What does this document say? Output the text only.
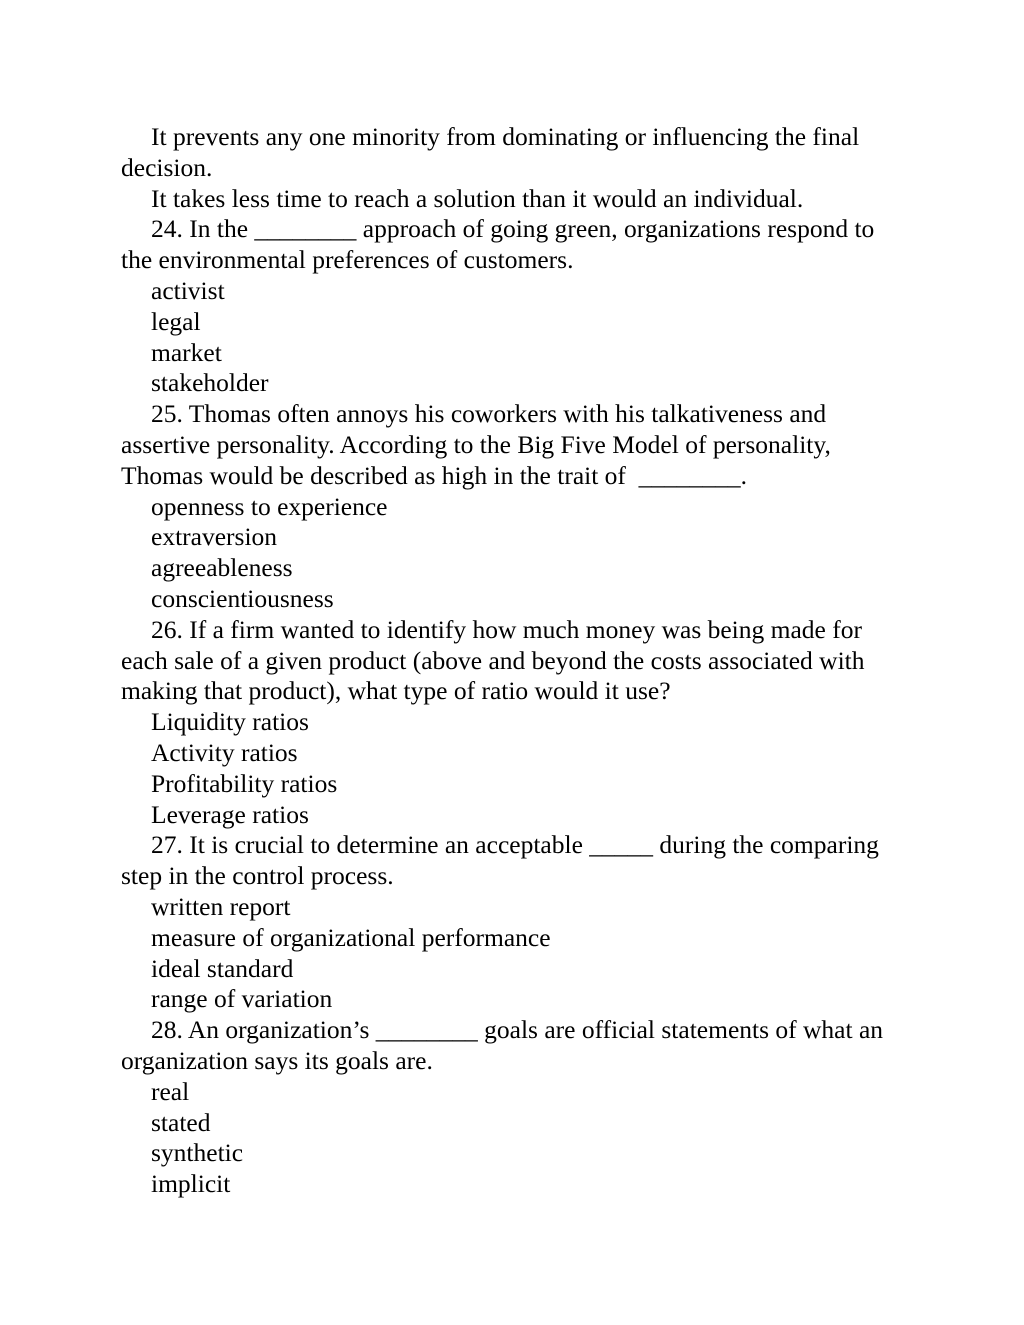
It prevents any one minority from dominating or influencing the final decision.

It takes less time to reach a solution than it would an individual.

24. In the ________ approach of going green, organizations respond to the environmental preferences of customers.

activist

legal

market

stakeholder

25. Thomas often annoys his coworkers with his talkativeness and assertive personality. According to the Big Five Model of personality, Thomas would be described as high in the trait of  ________.

openness to experience

extraversion

agreeableness

conscientiousness

26. If a firm wanted to identify how much money was being made for each sale of a given product (above and beyond the costs associated with making that product), what type of ratio would it use?

Liquidity ratios

Activity ratios

Profitability ratios

Leverage ratios

27. It is crucial to determine an acceptable _____ during the comparing step in the control process.

written report

measure of organizational performance

ideal standard

range of variation

28. An organization’s ________ goals are official statements of what an organization says its goals are.

real

stated

synthetic

implicit
